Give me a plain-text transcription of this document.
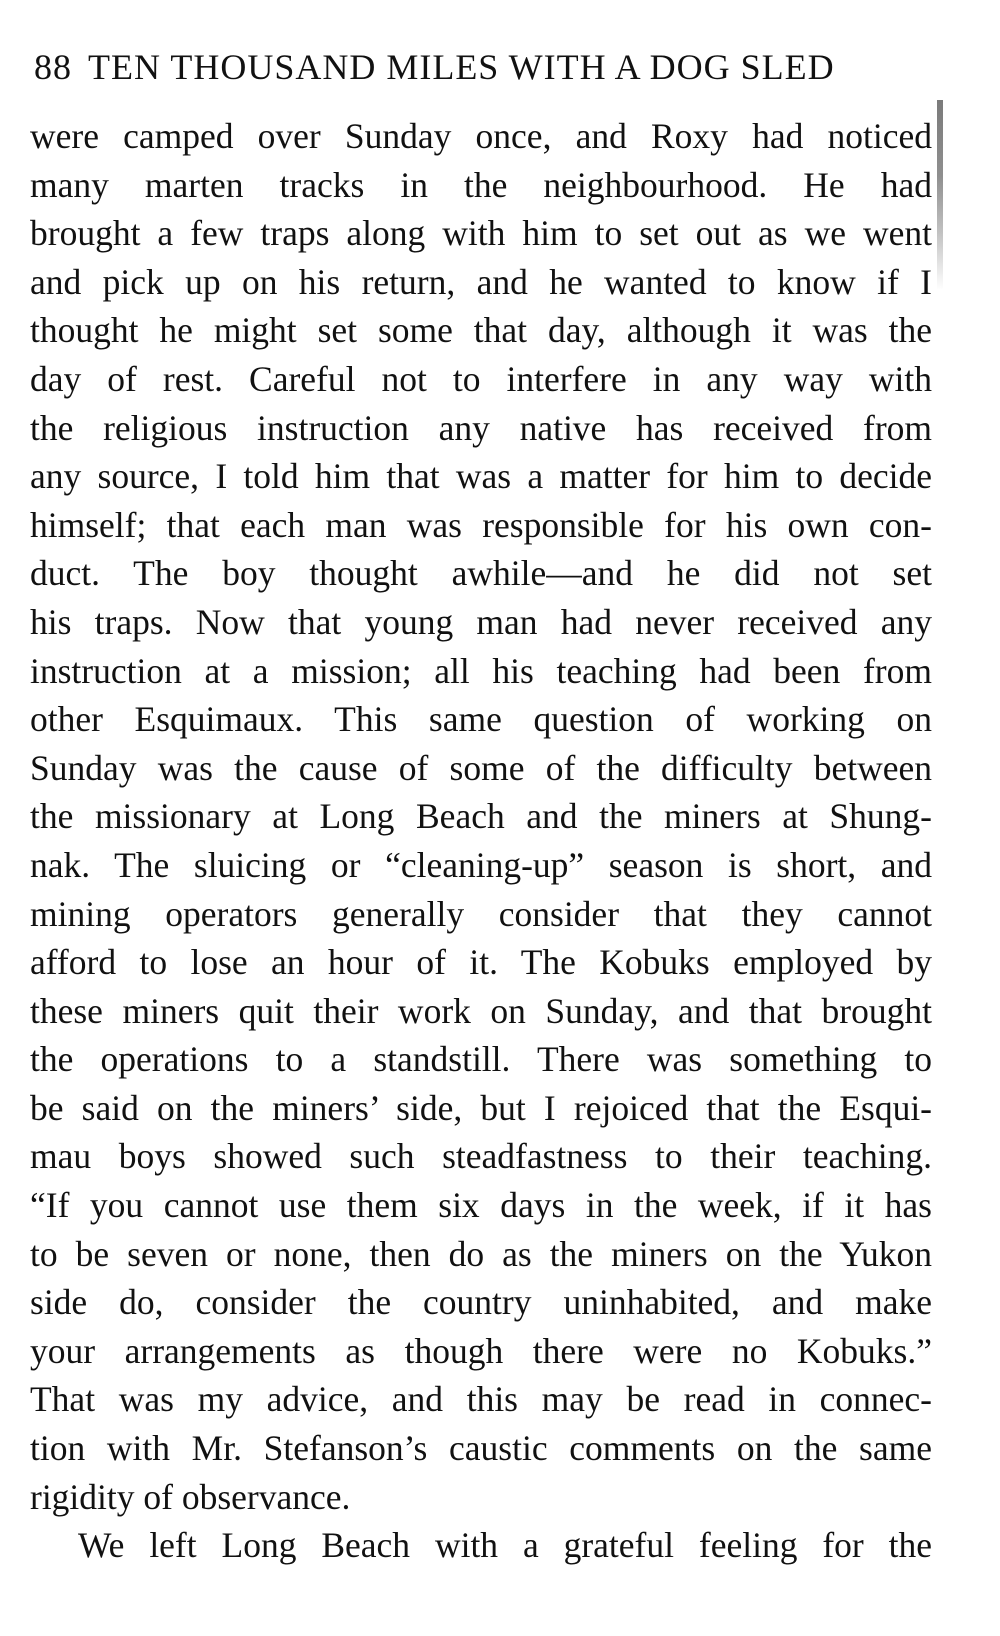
88 TEN THOUSAND MILES WITH A DOG SLED
were camped over Sunday once, and Roxy had noticed
many marten tracks in the neighbourhood. He had
brought a few traps along with him to set out as we went
and pick up on his return, and he wanted to know if I
thought he might set some that day, although it was the
day of rest. Careful not to interfere in any way with
the religious instruction any native has received from
any source, I told him that was a matter for him to decide
himself; that each man was responsible for his own con-
duct. The boy thought awhile—and he did not set
his traps. Now that young man had never received any
instruction at a mission; all his teaching had been from
other Esquimaux. This same question of working on
Sunday was the cause of some of the difficulty between
the missionary at Long Beach and the miners at Shung-
nak. The sluicing or “cleaning-up” season is short, and
mining operators generally consider that they cannot
afford to lose an hour of it. The Kobuks employed by
these miners quit their work on Sunday, and that brought
the operations to a standstill. There was something to
be said on the miners’ side, but I rejoiced that the Esqui-
mau boys showed such steadfastness to their teaching.
“If you cannot use them six days in the week, if it has
to be seven or none, then do as the miners on the Yukon
side do, consider the country uninhabited, and make
your arrangements as though there were no Kobuks.”
That was my advice, and this may be read in connec-
tion with Mr. Stefanson’s caustic comments on the same
rigidity of observance.
We left Long Beach with a grateful feeling for the
